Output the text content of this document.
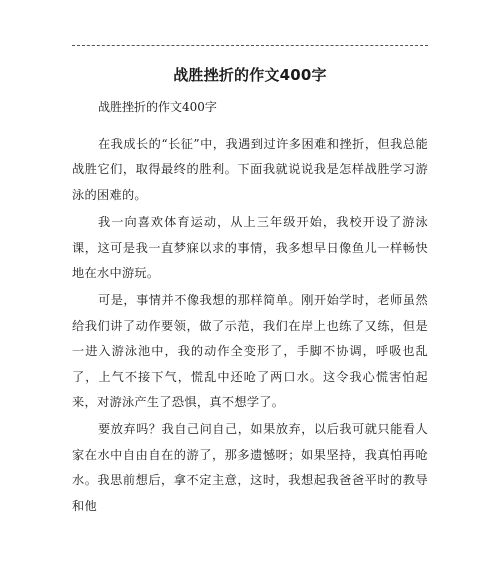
战胜挫折的作文400字
战胜挫折的作文400字

在我成长的“长征”中，我遇到过许多困难和挫折，但我总能战胜它们，取得最终的胜利。下面我就说说我是怎样战胜学习游泳的困难的。

我一向喜欢体育运动，从上三年级开始，我校开设了游泳课，这可是我一直梦寐以求的事情，我多想早日像鱼儿一样畅快地在水中游玩。

可是，事情并不像我想的那样简单。刚开始学时，老师虽然给我们讲了动作要领，做了示范，我们在岸上也练了又练，但是一进入游泳池中，我的动作全变形了，手脚不协调，呼吸也乱了，上气不接下气，慌乱中还呛了两口水。这令我心慌害怕起来，对游泳产生了恐惧，真不想学了。

要放弃吗？我自己问自己，如果放弃，以后我可就只能看人家在水中自由自在的游了，那多遗憾呀；如果坚持，我真怕再呛水。我思前想后，拿不定主意，这时，我想起我爸爸平时的教导和他
